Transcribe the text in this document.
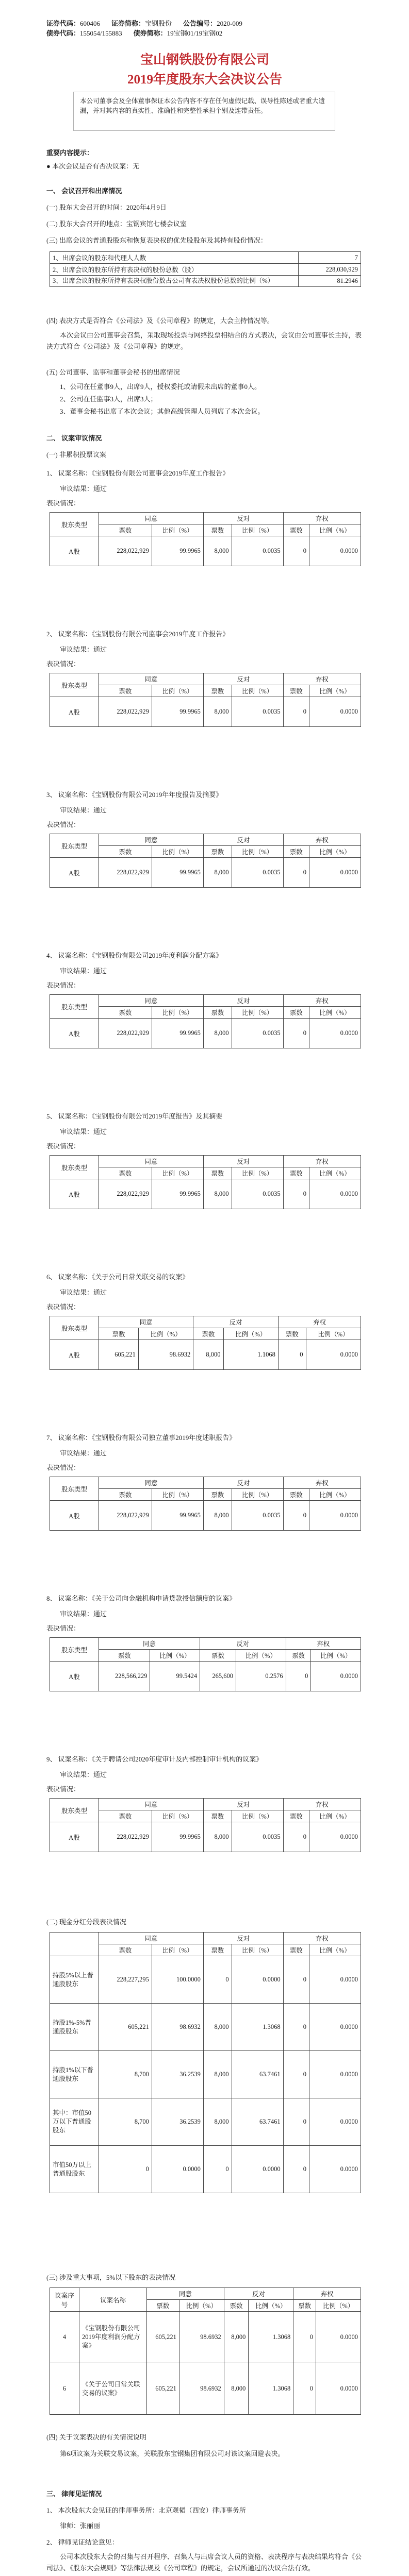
证券代码：600406 证券简称：宝钢股份 公告编号：2020-009
债券代码：155054/155883 债券简称：19宝钢01/19宝钢02
宝山钢铁股份有限公司
2019年度股东大会决议公告
本公司董事会及全体董事保证本公告内容不存在任何虚假记载、误导性陈述或者重大遗漏，并对其内容的真实性、准确性和完整性承担个别及连带责任。
重要内容提示：
● 本次会议是否有否决议案：无
一、 会议召开和出席情况
(一) 股东大会召开的时间：2020年4月9日
(二) 股东大会召开的地点：宝钢宾馆七楼会议室
(三) 出席会议的普通股股东和恢复表决权的优先股股东及其持有股份情况：
1、出席会议的股东和代理人人数	7
2、出席会议的股东所持有表决权的股份总数（股）	228,030,929
3、出席会议的股东所持有表决权股份数占公司有表决权股份总数的比例（%）	81.2946
(四) 表决方式是否符合《公司法》及《公司章程》的规定，大会主持情况等。
本次会议由公司董事会召集，采取现场投票与网络投票相结合的方式表决，会议由公司董事长主持，表决方式符合《公司法》及《公司章程》的规定。
(五) 公司董事、监事和董事会秘书的出席情况
1、公司在任董事9人，出席9人，授权委托或请假未出席的董事0人。
2、公司在任监事3人，出席3人；
3、董事会秘书出席了本次会议；其他高级管理人员列席了本次会议。
二、 议案审议情况
(一) 非累积投票议案
1、 议案名称：《宝钢股份有限公司董事会2019年度工作报告》
审议结果：通过
表决情况：
股东类型	同意		反对		弃权	
	票数	比例（%）	票数	比例（%）	票数	比例（%）
A股	228,022,929	99.9965	8,000	0.0035	0	0.0000
2、 议案名称：《宝钢股份有限公司监事会2019年度工作报告》
审议结果：通过
表决情况：
股东类型	同意		反对		弃权	
	票数	比例（%）	票数	比例（%）	票数	比例（%）
A股	228,022,929	99.9965	8,000	0.0035	0	0.0000
3、 议案名称：《宝钢股份有限公司2019年年度报告及摘要》
审议结果：通过
表决情况：
股东类型	同意		反对		弃权	
	票数	比例（%）	票数	比例（%）	票数	比例（%）
A股	228,022,929	99.9965	8,000	0.0035	0	0.0000
4、 议案名称：《宝钢股份有限公司2019年度利润分配方案》
审议结果：通过
表决情况：
股东类型	同意		反对		弃权	
	票数	比例（%）	票数	比例（%）	票数	比例（%）
A股	228,022,929	99.9965	8,000	0.0035	0	0.0000
5、 议案名称：《宝钢股份有限公司2019年度报告》及其摘要
审议结果：通过
表决情况：
股东类型	同意		反对		弃权	
	票数	比例（%）	票数	比例（%）	票数	比例（%）
A股	228,022,929	99.9965	8,000	0.0035	0	0.0000
6、 议案名称：《关于公司日常关联交易的议案》
审议结果：通过
表决情况：
股东类型	同意		反对		弃权	
	票数	比例（%）	票数	比例（%）	票数	比例（%）
A股	605,221	98.6932	8,000	1.1068	0	0.0000
7、 议案名称：《宝钢股份有限公司独立董事2019年度述职报告》
审议结果：通过
表决情况：
股东类型	同意		反对		弃权	
	票数	比例（%）	票数	比例（%）	票数	比例（%）
A股	228,022,929	99.9965	8,000	0.0035	0	0.0000
8、 议案名称：《关于公司向金融机构申请贷款授信额度的议案》
审议结果：通过
表决情况：
股东类型	同意		反对		弃权	
	票数	比例（%）	票数	比例（%）	票数	比例（%）
A股	228,566,229	99.5424	265,600	0.2576	0	0.0000
9、 议案名称：《关于聘请公司2020年度审计及内部控制审计机构的议案》
审议结果：通过
表决情况：
股东类型	同意		反对		弃权	
	票数	比例（%）	票数	比例（%）	票数	比例（%）
A股	228,022,929	99.9965	8,000	0.0035	0	0.0000
(二) 现金分红分段表决情况
	同意		反对		弃权	
	票数	比例（%）	票数	比例（%）	票数	比例（%）
持股5%以上普通股股东	228,227,295	100.0000	0	0.0000	0	0.0000
持股1%-5%普通股股东	605,221	98.6932	8,000	1.3068	0	0.0000
持股1%以下普通股股东	8,700	36.2539	8,000	63.7461	0	0.0000
其中：市值50万以下普通股股东	8,700	36.2539	8,000	63.7461	0	0.0000
市值50万以上普通股股东	0	0.0000	0	0.0000	0	0.0000
(三) 涉及重大事项，5%以下股东的表决情况
议案序号	议案名称	同意		反对		弃权	
		票数	比例（%）	票数	比例（%）	票数	比例（%）
4	《宝钢股份有限公司2019年度利润分配方案》	605,221	98.6932	8,000	1.3068	0	0.0000
6	《关于公司日常关联交易的议案》	605,221	98.6932	8,000	1.3068	0	0.0000
(四) 关于议案表决的有关情况说明
第6项议案为关联交易议案，关联股东宝钢集团有限公司对该议案回避表决。
三、 律师见证情况
1、 本次股东大会见证的律师事务所：北京观韬（西安）律师事务所
律师：张丽丽
2、 律师见证结论意见：
公司本次股东大会的召集与召开程序、召集人与出席会议人员的资格、表决程序与表决结果均符合《公司法》、《股东大会规则》等法律法规及《公司章程》的规定，会议所通过的决议合法有效。
